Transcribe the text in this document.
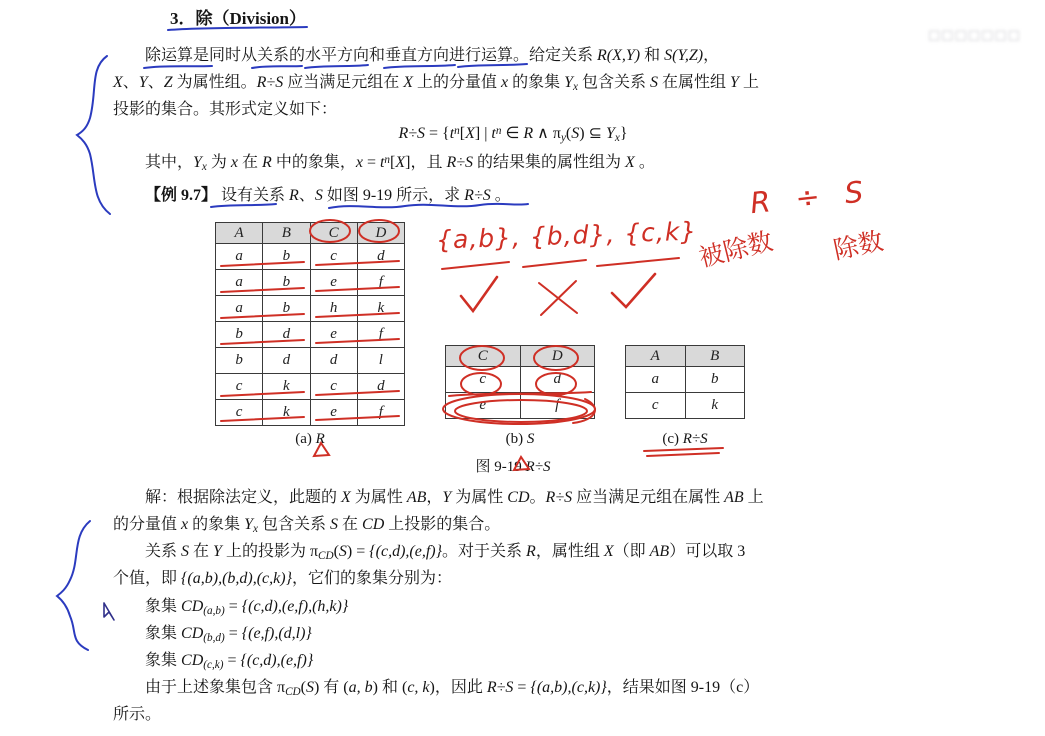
□□□□□□□
3．除（Division）
除运算是同时从关系的水平方向和垂直方向进行运算。给定关系 R(X,Y) 和 S(Y,Z)，
X、Y、Z 为属性组。R÷S 应当满足元组在 X 上的分量值 x 的象集 Yx 包含关系 S 在属性组 Y 上
投影的集合。其形式定义如下：
$R\div S = \{t^n[X]$ | $t^n$ ∈ R ∧ πy(S) ⊆ Yx}
其中，Yx 为 x 在 R 中的象集，$x = t^n[X]$，且 R÷S 的结果集的属性组为 X 。
【例 9.7】 设有关系 R、S 如图 9-19 所示，求 R÷S 。
A	B	C	D
a	b	c	d
a	b	e	f
a	b	h	k
b	d	e	f
b	d	d	l
c	k	c	d
c	k	e	f
C	D
c	d
e	f
A	B
a	b
c	k
(a) R	(b) S	(c) R÷S
图 9-19 R÷S
解：根据除法定义，此题的 X 为属性 AB，Y 为属性 CD。R÷S 应当满足元组在属性 AB 上
的分量值 x 的象集 Yx 包含关系 S 在 CD 上投影的集合。
关系 S 在 Y 上的投影为 πCD(S) = {(c,d),(e,f)}。对于关系 R，属性组 X（即 AB）可以取 3
个值，即 {(a,b),(b,d),(c,k)}，它们的象集分别为：
象集 CD(a,b) = {(c,d),(e,f),(h,k)}
象集 CD(b,d) = {(e,f),(d,l)}
象集 CD(c,k) = {(c,d),(e,f)}
由于上述象集包含 πCD(S) 有 (a, b) 和 (c, k)，因此 R÷S = {(a,b),(c,k)}，结果如图 9-19（c）
所示。
{a,b}, {b,d}, {c,k}
R ÷ S
被除数 除数
